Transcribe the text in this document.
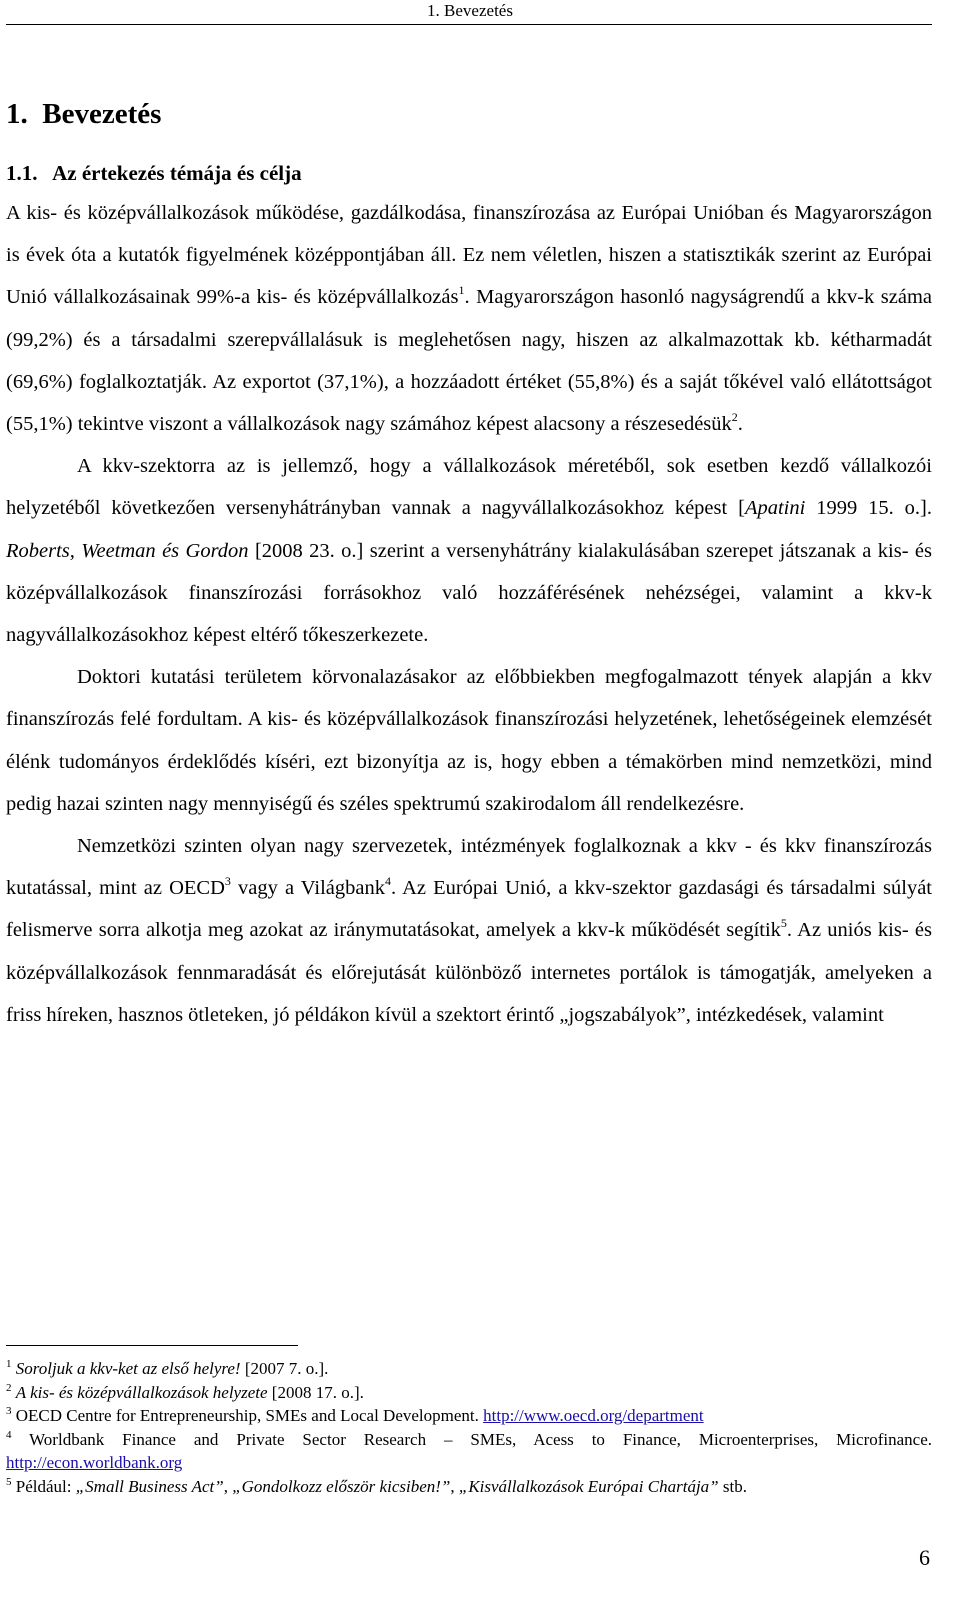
1. Bevezetés
1. Bevezetés
1.1. Az értekezés témája és célja

A kis- és középvállalkozások működése, gazdálkodása, finanszírozása az Európai Unióban és Magyarországon is évek óta a kutatók figyelmének középpontjában áll. Ez nem véletlen, hiszen a statisztikák szerint az Európai Unió vállalkozásainak 99%-a kis- és középvállalkozás$^1$. Magyarországon hasonló nagyságrendű a kkv-k száma (99,2%) és a társadalmi szerepvállalásuk is meglehetősen nagy, hiszen az alkalmazottak kb. kétharmadát (69,6%) foglalkoztatják. Az exportot (37,1%), a hozzáadott értéket (55,8%) és a saját tőkével való ellátottságot (55,1%) tekintve viszont a vállalkozások nagy számához képest alacsony a részesedésük$^2$.

A kkv-szektorra az is jellemző, hogy a vállalkozások méretéből, sok esetben kezdő vállalkozói helyzetéből következően versenyhátrányban vannak a nagyvállalkozásokhoz képest [Apatini 1999 15. o.]. Roberts, Weetman és Gordon [2008 23. o.] szerint a versenyhátrány kialakulásában szerepet játszanak a kis- és középvállalkozások finanszírozási forrásokhoz való hozzáférésének nehézségei, valamint a kkv-k nagyvállalkozásokhoz képest eltérő tőkeszerkezete.

Doktori kutatási területem körvonalazásakor az előbbiekben megfogalmazott tények alapján a kkv finanszírozás felé fordultam. A kis- és középvállalkozások finanszírozási helyzetének, lehetőségeinek elemzését élénk tudományos érdeklődés kíséri, ezt bizonyítja az is, hogy ebben a témakörben mind nemzetközi, mind pedig hazai szinten nagy mennyiségű és széles spektrumú szakirodalom áll rendelkezésre.

Nemzetközi szinten olyan nagy szervezetek, intézmények foglalkoznak a kkv - és kkv finanszírozás kutatással, mint az OECD$^3$ vagy a Világbank$^4$. Az Európai Unió, a kkv-szektor gazdasági és társadalmi súlyát felismerve sorra alkotja meg azokat az iránymutatásokat, amelyek a kkv-k működését segítik$^5$. Az uniós kis- és középvállalkozások fennmaradását és előrejutását különböző internetes portálok is támogatják, amelyeken a friss híreken, hasznos ötleteken, jó példákon kívül a szektort érintő „jogszabályok”, intézkedések, valamint

$^1$ Soroljuk a kkv-ket az első helyre! [2007 7. o.].

$^2$ A kis- és középvállalkozások helyzete [2008 17. o.].

$^3$ OECD Centre for Entrepreneurship, SMEs and Local Development. http://www.oecd.org/department

$^4$ Worldbank Finance and Private Sector Research – SMEs, Acess to Finance, Microenterprises, Microfinance. http://econ.worldbank.org

$^5$ Például: „Small Business Act”, „Gondolkozz először kicsiben!”, „Kisvállalkozások Európai Chartája” stb.

6
